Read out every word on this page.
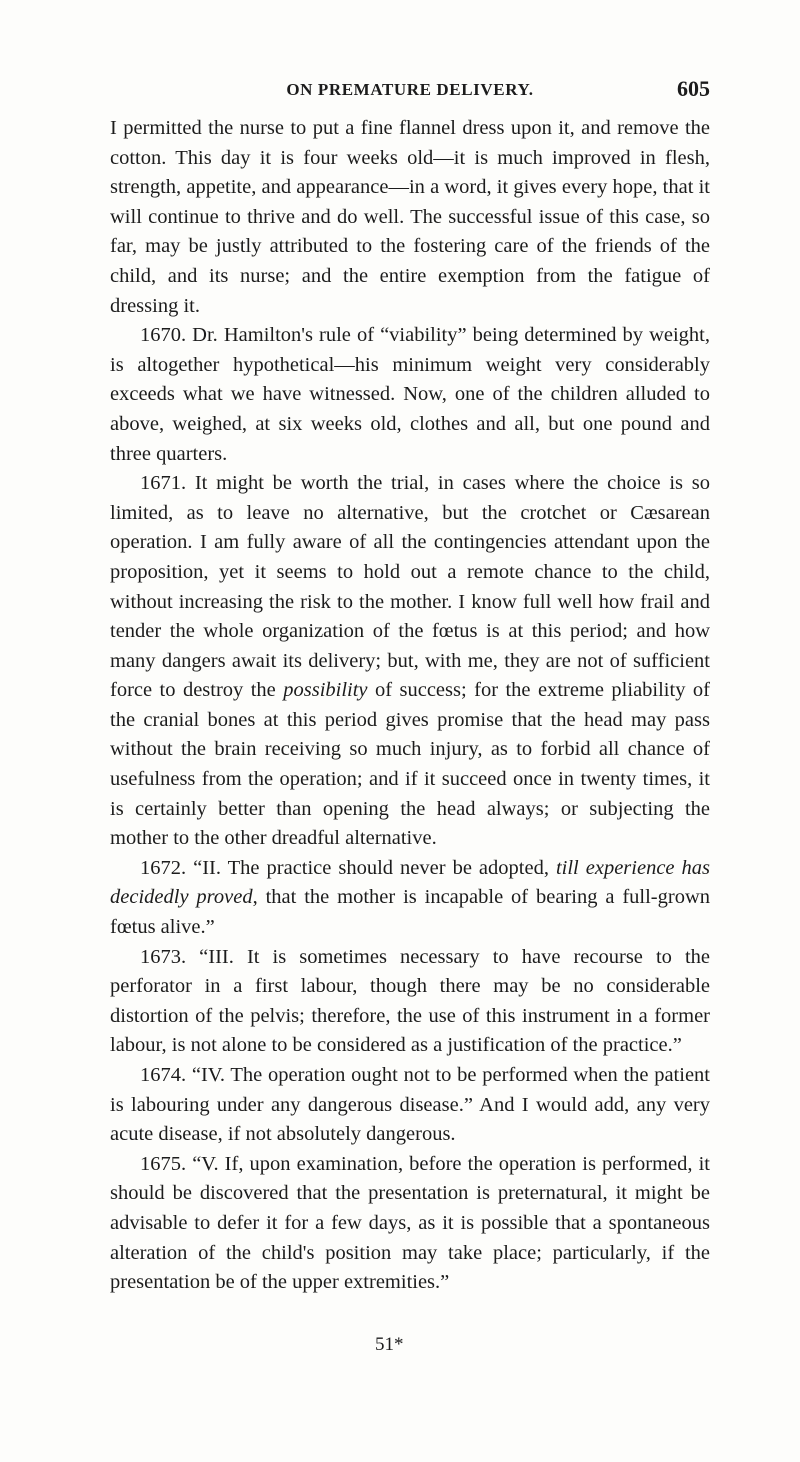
ON PREMATURE DELIVERY.	605

I permitted the nurse to put a fine flannel dress upon it, and remove the cotton. This day it is four weeks old—it is much improved in flesh, strength, appetite, and appearance—in a word, it gives every hope, that it will continue to thrive and do well. The successful issue of this case, so far, may be justly attributed to the fostering care of the friends of the child, and its nurse; and the entire exemption from the fatigue of dressing it.

1670. Dr. Hamilton's rule of “viability” being determined by weight, is altogether hypothetical—his minimum weight very considerably exceeds what we have witnessed. Now, one of the children alluded to above, weighed, at six weeks old, clothes and all, but one pound and three quarters.

1671. It might be worth the trial, in cases where the choice is so limited, as to leave no alternative, but the crotchet or Cæsarean operation. I am fully aware of all the contingencies attendant upon the proposition, yet it seems to hold out a remote chance to the child, without increasing the risk to the mother. I know full well how frail and tender the whole organization of the fœtus is at this period; and how many dangers await its delivery; but, with me, they are not of sufficient force to destroy the possibility of success; for the extreme pliability of the cranial bones at this period gives promise that the head may pass without the brain receiving so much injury, as to forbid all chance of usefulness from the operation; and if it succeed once in twenty times, it is certainly better than opening the head always; or subjecting the mother to the other dreadful alternative.

1672. “II. The practice should never be adopted, till experience has decidedly proved, that the mother is incapable of bearing a full-grown fœtus alive.”

1673. “III. It is sometimes necessary to have recourse to the perforator in a first labour, though there may be no considerable distortion of the pelvis; therefore, the use of this instrument in a former labour, is not alone to be considered as a justification of the practice.”

1674. “IV. The operation ought not to be performed when the patient is labouring under any dangerous disease.” And I would add, any very acute disease, if not absolutely dangerous.

1675. “V. If, upon examination, before the operation is performed, it should be discovered that the presentation is preternatural, it might be advisable to defer it for a few days, as it is possible that a spontaneous alteration of the child's position may take place; particularly, if the presentation be of the upper extremities.”

51*
